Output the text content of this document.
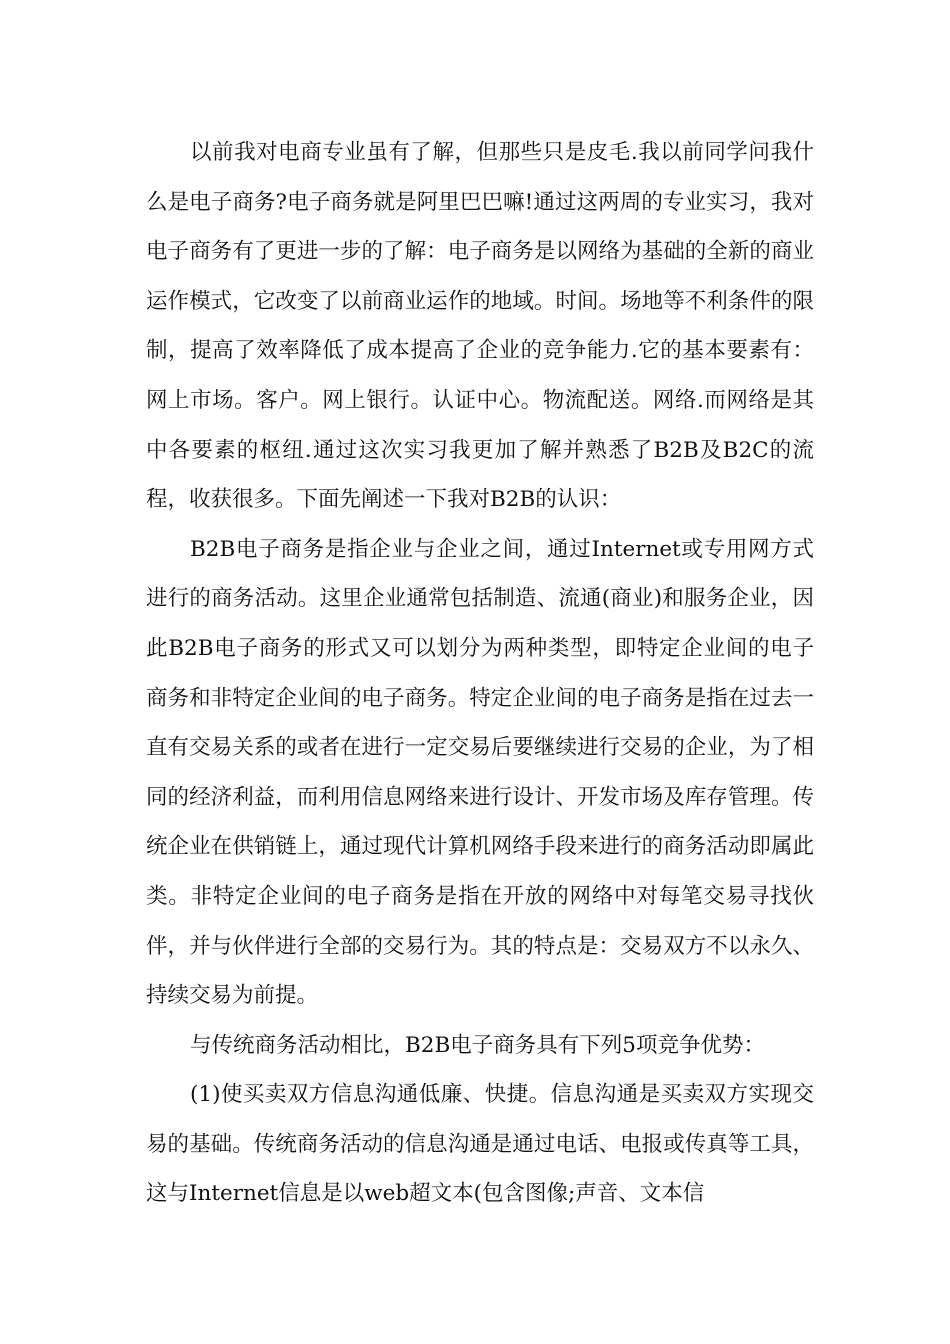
以前我对电商专业虽有了解，但那些只是皮毛.我以前同学问我什么是电子商务?电子商务就是阿里巴巴嘛!通过这两周的专业实习，我对电子商务有了更进一步的了解：电子商务是以网络为基础的全新的商业运作模式，它改变了以前商业运作的地域。时间。场地等不利条件的限制，提高了效率降低了成本提高了企业的竞争能力.它的基本要素有：网上市场。客户。网上银行。认证中心。物流配送。网络.而网络是其中各要素的枢纽.通过这次实习我更加了解并熟悉了B2B及B2C的流程，收获很多。下面先阐述一下我对B2B的认识：

B2B电子商务是指企业与企业之间，通过Internet或专用网方式进行的商务活动。这里企业通常包括制造、流通(商业)和服务企业，因此B2B电子商务的形式又可以划分为两种类型，即特定企业间的电子商务和非特定企业间的电子商务。特定企业间的电子商务是指在过去一直有交易关系的或者在进行一定交易后要继续进行交易的企业，为了相同的经济利益，而利用信息网络来进行设计、开发市场及库存管理。传统企业在供销链上，通过现代计算机网络手段来进行的商务活动即属此类。非特定企业间的电子商务是指在开放的网络中对每笔交易寻找伙伴，并与伙伴进行全部的交易行为。其的特点是：交易双方不以永久、持续交易为前提。

与传统商务活动相比，B2B电子商务具有下列5项竞争优势：

(1)使买卖双方信息沟通低廉、快捷。信息沟通是买卖双方实现交易的基础。传统商务活动的信息沟通是通过电话、电报或传真等工具，这与Internet信息是以web超文本(包含图像;声音、文本信
